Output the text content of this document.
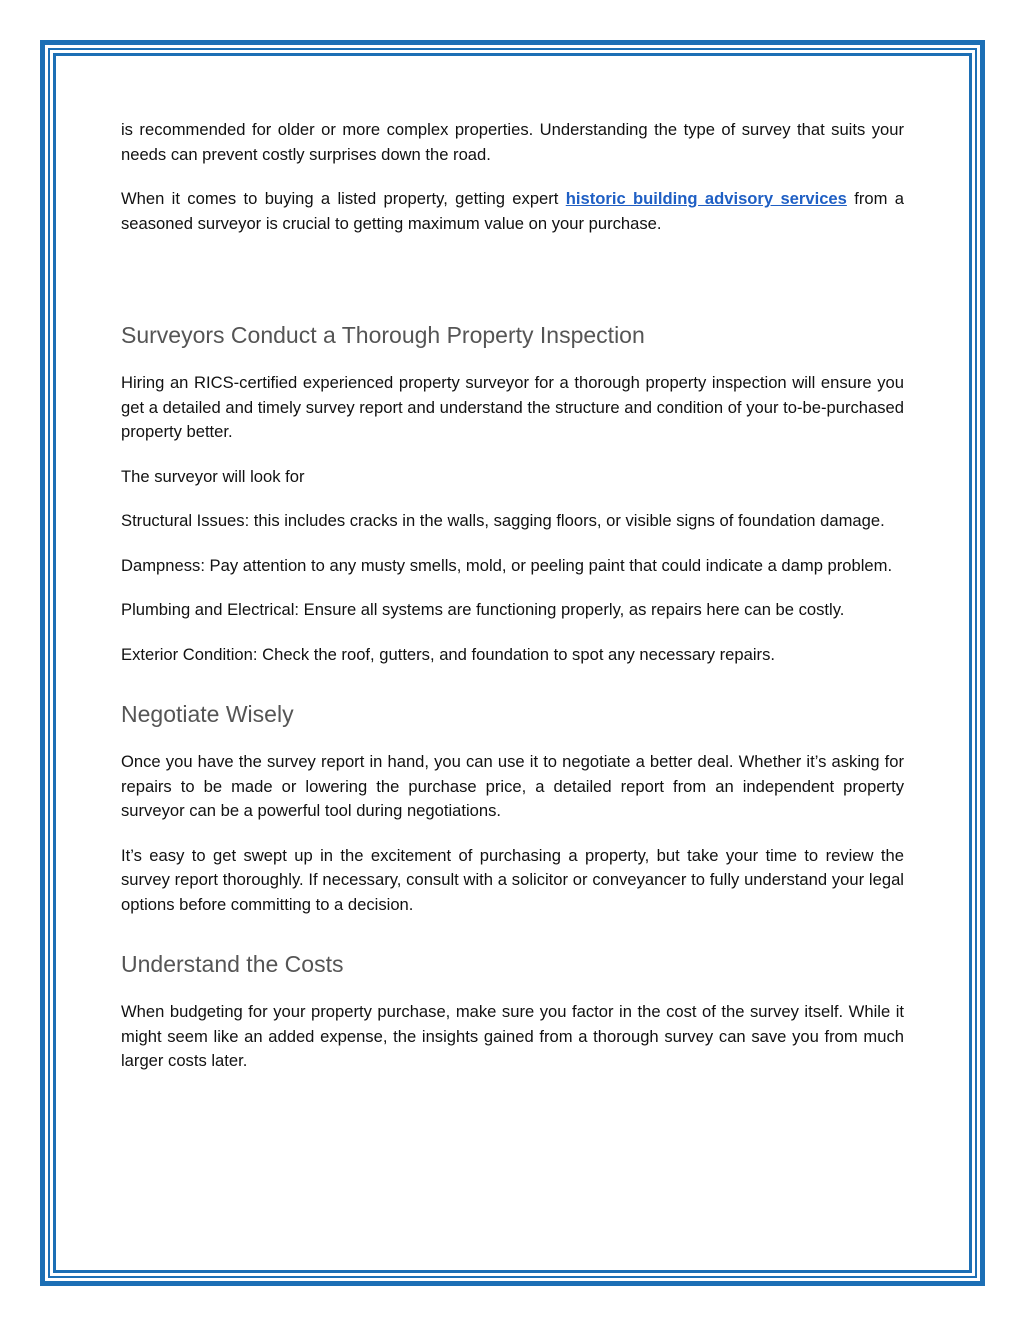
is recommended for older or more complex properties. Understanding the type of survey that suits your needs can prevent costly surprises down the road.

When it comes to buying a listed property, getting expert historic building advisory services from a seasoned surveyor is crucial to getting maximum value on your purchase.

Surveyors Conduct a Thorough Property Inspection

Hiring an RICS-certified experienced property surveyor for a thorough property inspection will ensure you get a detailed and timely survey report and understand the structure and condition of your to-be-purchased property better.

The surveyor will look for

Structural Issues: this includes cracks in the walls, sagging floors, or visible signs of foundation damage.

Dampness: Pay attention to any musty smells, mold, or peeling paint that could indicate a damp problem.

Plumbing and Electrical: Ensure all systems are functioning properly, as repairs here can be costly.

Exterior Condition: Check the roof, gutters, and foundation to spot any necessary repairs.

Negotiate Wisely

Once you have the survey report in hand, you can use it to negotiate a better deal. Whether it’s asking for repairs to be made or lowering the purchase price, a detailed report from an independent property surveyor can be a powerful tool during negotiations.

It’s easy to get swept up in the excitement of purchasing a property, but take your time to review the survey report thoroughly. If necessary, consult with a solicitor or conveyancer to fully understand your legal options before committing to a decision.

Understand the Costs

When budgeting for your property purchase, make sure you factor in the cost of the survey itself. While it might seem like an added expense, the insights gained from a thorough survey can save you from much larger costs later.
